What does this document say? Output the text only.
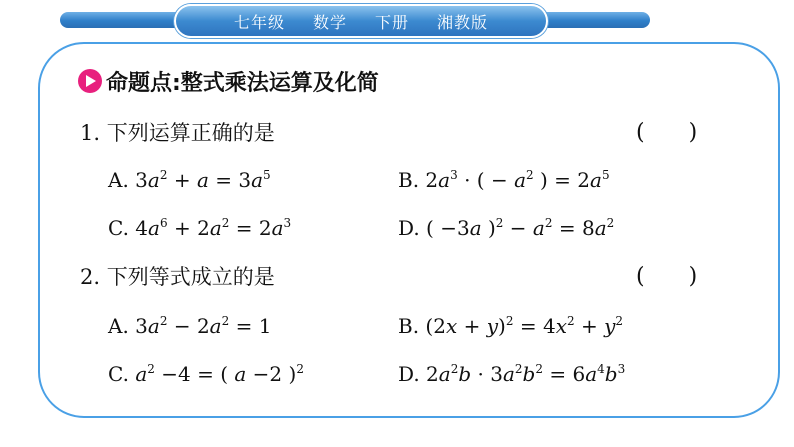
七年级 数学 下册 湘教版
命题点:整式乘法运算及化简
1. 下列运算正确的是	(　　)
A. $3a^2 + a = 3a^5$	B. $2a^3$ · ( − $a^2$ ) = $2a^5$
C. $4a^6 + 2a^2 = 2a^3$	D. ( −3a )$^2 - a^2 = 8a^2$
2. 下列等式成立的是	(　　)
A. $3a^2 - 2a^2 = 1$	B. $(2x + y)^2 = 4x^2 + y^2$
C. $a^2 -4$ = ( a −2 )$^2$	D. $2a^2b \cdot 3a^2b^2 = 6a^4b^3$
